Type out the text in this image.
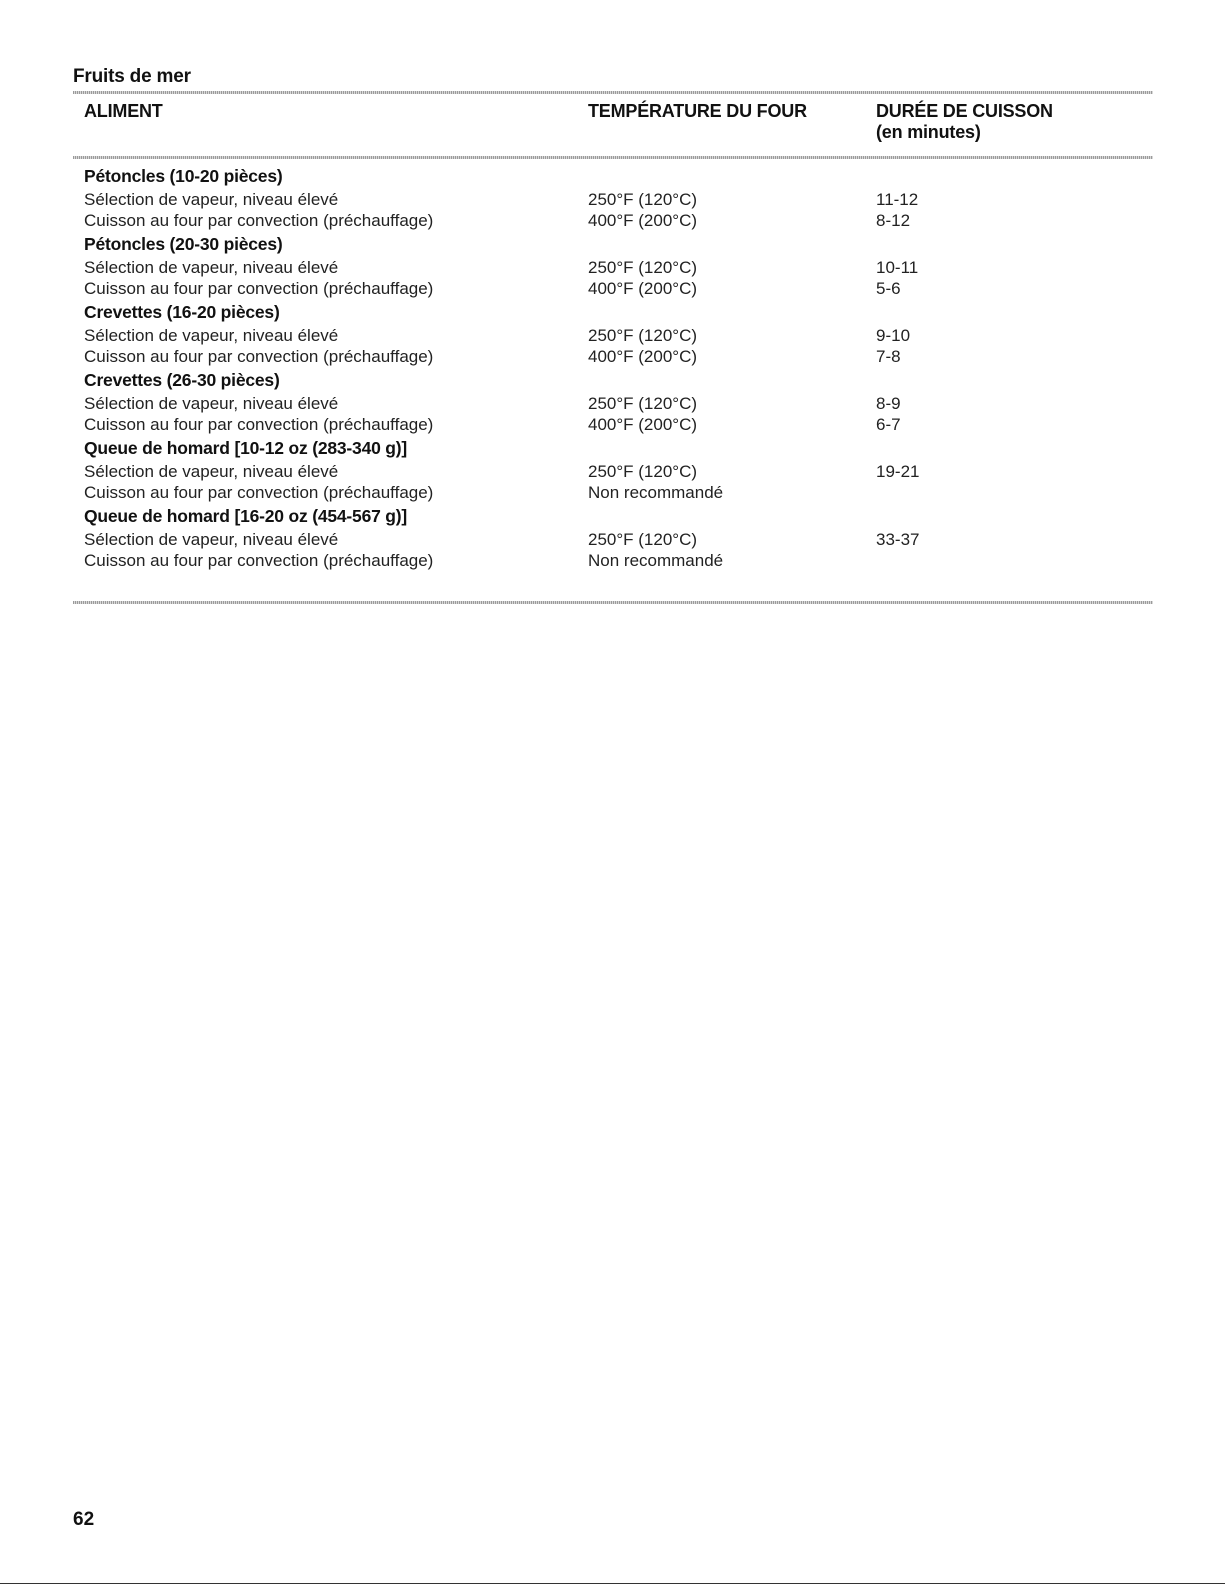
Fruits de mer
ALIMENT	TEMPÉRATURE DU FOUR	DURÉE DE CUISSON
(en minutes)
Pétoncles (10-20 pièces)
Sélection de vapeur, niveau élevé	250°F (120°C)	11-12
Cuisson au four par convection (préchauffage)	400°F (200°C)	8-12
Pétoncles (20-30 pièces)
Sélection de vapeur, niveau élevé	250°F (120°C)	10-11
Cuisson au four par convection (préchauffage)	400°F (200°C)	5-6
Crevettes (16-20 pièces)
Sélection de vapeur, niveau élevé	250°F (120°C)	9-10
Cuisson au four par convection (préchauffage)	400°F (200°C)	7-8
Crevettes (26-30 pièces)
Sélection de vapeur, niveau élevé	250°F (120°C)	8-9
Cuisson au four par convection (préchauffage)	400°F (200°C)	6-7
Queue de homard [10-12 oz (283-340 g)]
Sélection de vapeur, niveau élevé	250°F (120°C)	19-21
Cuisson au four par convection (préchauffage)	Non recommandé
Queue de homard [16-20 oz (454-567 g)]
Sélection de vapeur, niveau élevé	250°F (120°C)	33-37
Cuisson au four par convection (préchauffage)	Non recommandé
62
